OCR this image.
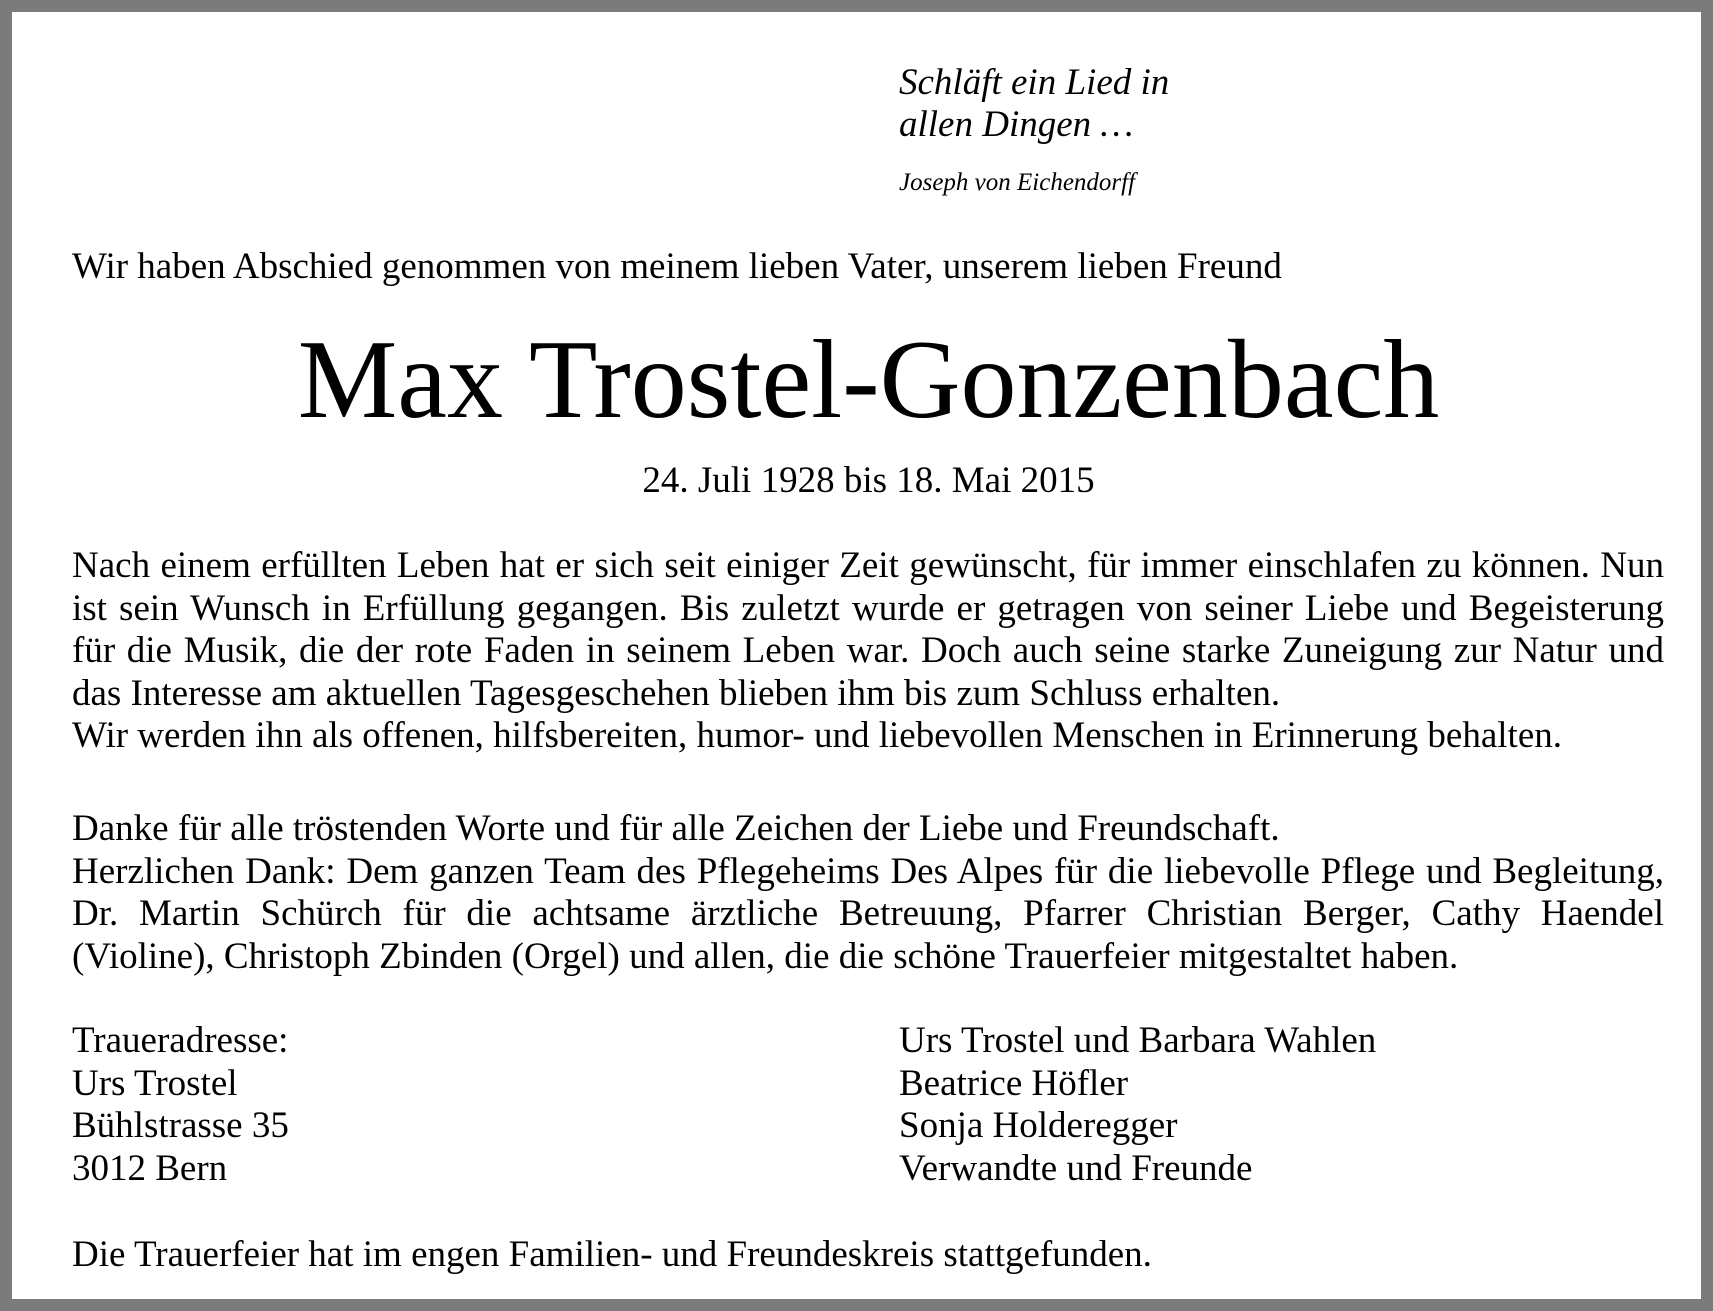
Schläft ein Lied in
allen Dingen …
Joseph von Eichendorff
Wir haben Abschied genommen von meinem lieben Vater, unserem lieben Freund
Max Trostel-Gonzenbach
24. Juli 1928 bis 18. Mai 2015

Nach einem erfüllten Leben hat er sich seit einiger Zeit gewünscht, für immer einschlafen zu können. Nun ist sein Wunsch in Erfüllung gegangen. Bis zuletzt wurde er getragen von seiner Liebe und Begeisterung für die Musik, die der rote Faden in seinem Leben war. Doch auch seine starke Zuneigung zur Natur und das Interesse am aktuellen Tagesgeschehen blieben ihm bis zum Schluss erhalten.

Wir werden ihn als offenen, hilfsbereiten, humor- und liebevollen Menschen in Erinnerung behalten.

Danke für alle tröstenden Worte und für alle Zeichen der Liebe und Freundschaft.

Herzlichen Dank: Dem ganzen Team des Pflegeheims Des Alpes für die liebevolle Pflege und Begleitung, Dr. Martin Schürch für die achtsame ärztliche Betreuung, Pfarrer Christian Berger, Cathy Haendel (Violine), Christoph Zbinden (Orgel) und allen, die die schöne Trauerfeier mitgestaltet haben.

Traueradresse:
Urs Trostel
Bühlstrasse 35
3012 Bern
Urs Trostel und Barbara Wahlen
Beatrice Höfler
Sonja Holderegger
Verwandte und Freunde
Die Trauerfeier hat im engen Familien- und Freundeskreis stattgefunden.
